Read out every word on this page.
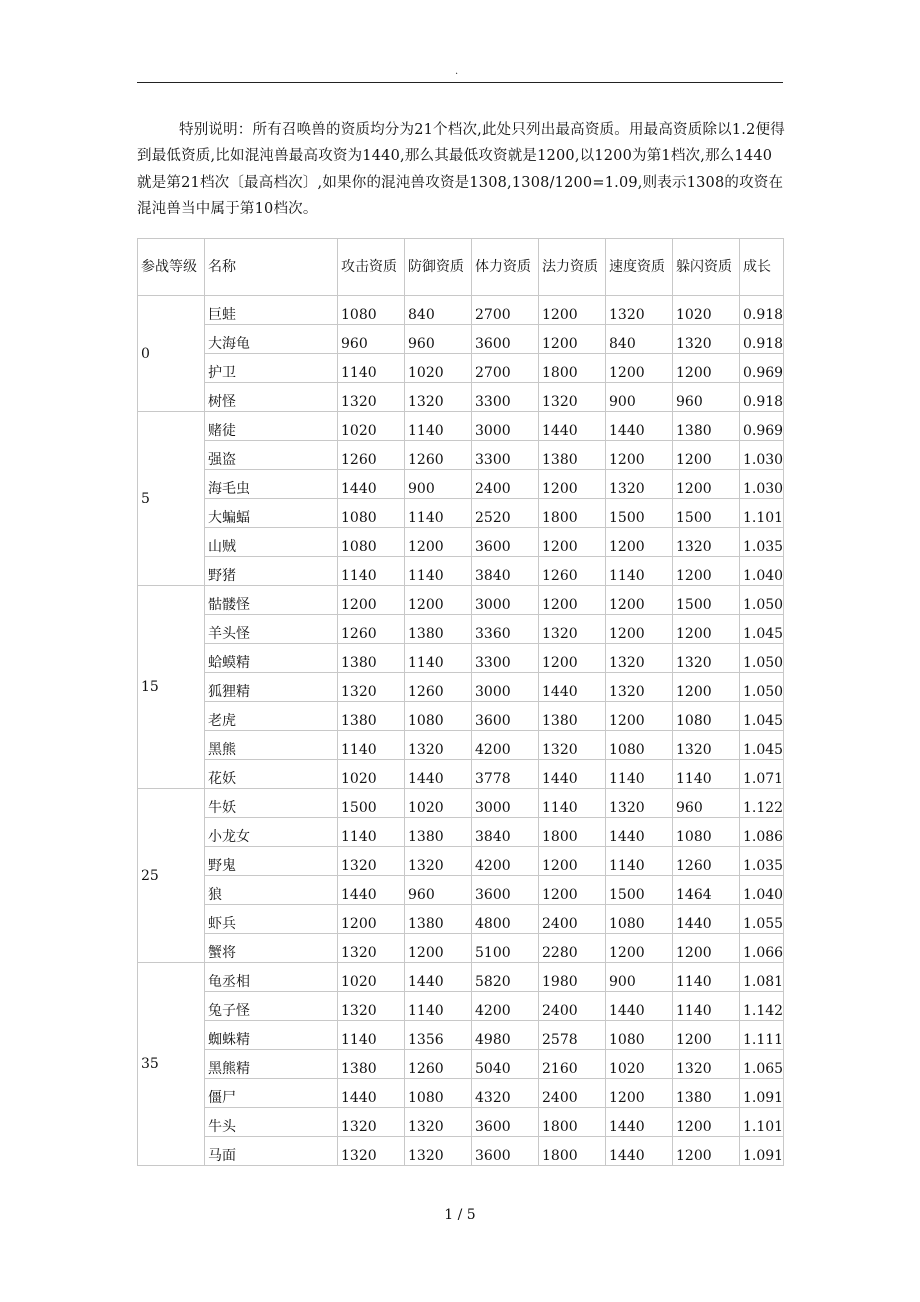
.

特别说明：所有召唤兽的资质均分为21个档次,此处只列出最高资质。用最高资质除以1.2便得到最低资质,比如混沌兽最高攻资为1440,那么其最低攻资就是1200,以1200为第1档次,那么1440就是第21档次〔最高档次〕,如果你的混沌兽攻资是1308,1308/1200=1.09,则表示1308的攻资在混沌兽当中属于第10档次。

参战等级	名称	攻击资质	防御资质	体力资质	法力资质	速度资质	躲闪资质	成长
0	巨蛙	1080	840	2700	1200	1320	1020	0.918
	大海龟	960	960	3600	1200	840	1320	0.918
	护卫	1140	1020	2700	1800	1200	1200	0.969
	树怪	1320	1320	3300	1320	900	960	0.918
5	赌徒	1020	1140	3000	1440	1440	1380	0.969
	强盗	1260	1260	3300	1380	1200	1200	1.030
	海毛虫	1440	900	2400	1200	1320	1200	1.030
	大蝙蝠	1080	1140	2520	1800	1500	1500	1.101
	山贼	1080	1200	3600	1200	1200	1320	1.035
	野猪	1140	1140	3840	1260	1140	1200	1.040
15	骷髅怪	1200	1200	3000	1200	1200	1500	1.050
	羊头怪	1260	1380	3360	1320	1200	1200	1.045
	蛤蟆精	1380	1140	3300	1200	1320	1320	1.050
	狐狸精	1320	1260	3000	1440	1320	1200	1.050
	老虎	1380	1080	3600	1380	1200	1080	1.045
	黑熊	1140	1320	4200	1320	1080	1320	1.045
	花妖	1020	1440	3778	1440	1140	1140	1.071
25	牛妖	1500	1020	3000	1140	1320	960	1.122
	小龙女	1140	1380	3840	1800	1440	1080	1.086
	野鬼	1320	1320	4200	1200	1140	1260	1.035
	狼	1440	960	3600	1200	1500	1464	1.040
	虾兵	1200	1380	4800	2400	1080	1440	1.055
	蟹将	1320	1200	5100	2280	1200	1200	1.066
35	龟丞相	1020	1440	5820	1980	900	1140	1.081
	兔子怪	1320	1140	4200	2400	1440	1140	1.142
	蜘蛛精	1140	1356	4980	2578	1080	1200	1.111
	黑熊精	1380	1260	5040	2160	1020	1320	1.065
	僵尸	1440	1080	4320	2400	1200	1380	1.091
	牛头	1320	1320	3600	1800	1440	1200	1.101
	马面	1320	1320	3600	1800	1440	1200	1.091
1 / 5
